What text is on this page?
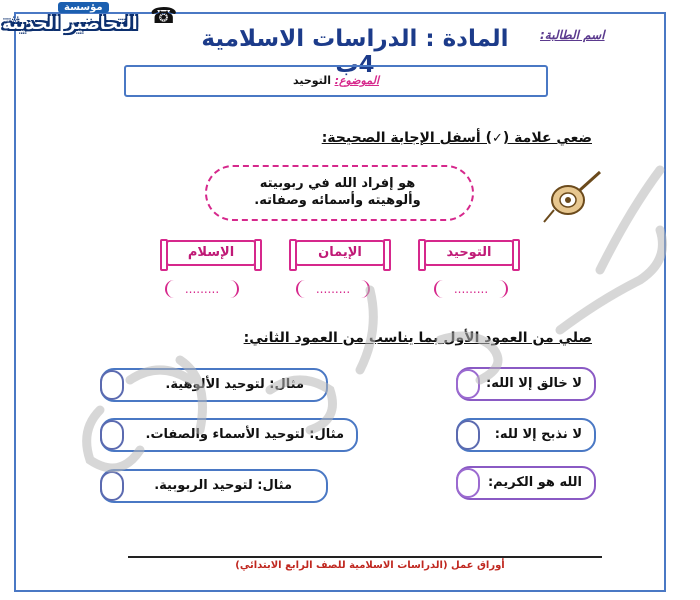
مؤسسة
التحاضير الحديثة ☎
اسم الطالبة:
المادة : الدراسات الاسلامية 4ب
الموضوع: التوحيد
ضعي علامة (✓) أسفل الإجابة الصحيحة:
هو إفراد الله في ربوبيته
وألوهيته وأسمائه وصفاته.
التوحيد
الإيمان
الإسلام
.........
.........
.........
صلي من العمود الأول بما يناسب من العمود الثاني:
لا خالق إلا الله:
لا نذبح إلا لله:
الله هو الكريم:
مثال: لتوحيد الألوهية.
مثال: لتوحيد الأسماء والصفات.
مثال: لتوحيد الربوبية.
أوراق عمل (الدراسات الاسلامية للصف الرابع الابتدائي)
